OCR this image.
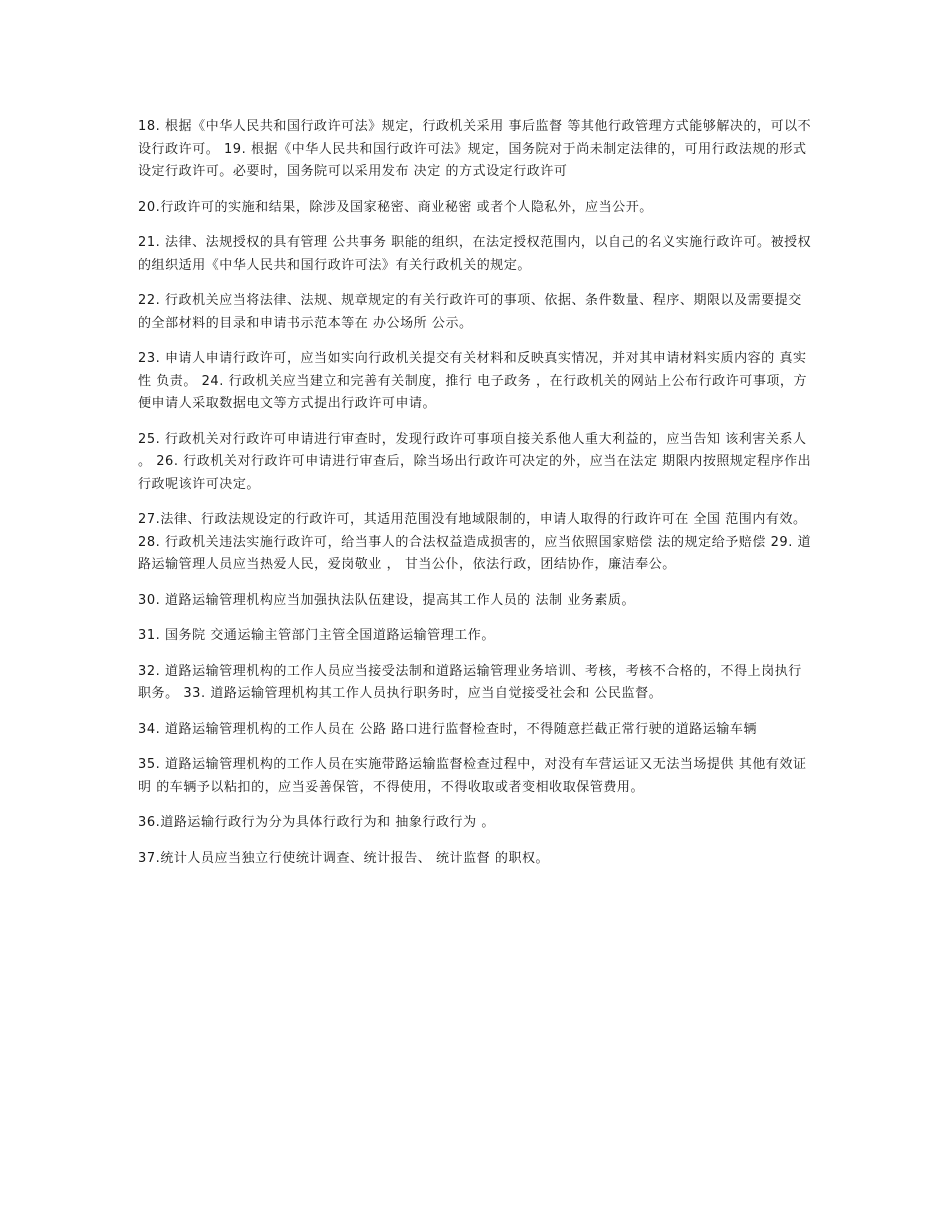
18. 根据《中华人民共和国行政许可法》规定，行政机关采用 事后监督 等其他行政管理方式能够解决的，可以不设行政许可。 19. 根据《中华人民共和国行政许可法》规定，国务院对于尚未制定法律的，可用行政法规的形式设定行政许可。必要时，国务院可以采用发布 决定 的方式设定行政许可

20.行政许可的实施和结果，除涉及国家秘密、商业秘密 或者个人隐私外，应当公开。

21. 法律、法规授权的具有管理 公共事务 职能的组织，在法定授权范围内，以自己的名义实施行政许可。被授权的组织适用《中华人民共和国行政许可法》有关行政机关的规定。

22. 行政机关应当将法律、法规、规章规定的有关行政许可的事项、依据、条件数量、程序、期限以及需要提交的全部材料的目录和申请书示范本等在 办公场所 公示。

23. 申请人申请行政许可，应当如实向行政机关提交有关材料和反映真实情况，并对其申请材料实质内容的 真实性 负责。 24. 行政机关应当建立和完善有关制度，推行 电子政务 ，在行政机关的网站上公布行政许可事项，方便申请人采取数据电文等方式提出行政许可申请。

25. 行政机关对行政许可申请进行审查时，发现行政许可事项自接关系他人重大利益的，应当告知 该利害关系人 。 26. 行政机关对行政许可申请进行审查后，除当场出行政许可决定的外，应当在法定 期限内按照规定程序作出行政呢该许可决定。

27.法律、行政法规设定的行政许可，其适用范围没有地域限制的，申请人取得的行政许可在 全国 范围内有效。 28. 行政机关违法实施行政许可，给当事人的合法权益造成损害的，应当依照国家赔偿 法的规定给予赔偿 29. 道路运输管理人员应当热爱人民，爱岗敬业 ， 甘当公仆，依法行政，团结协作，廉洁奉公。

30. 道路运输管理机构应当加强执法队伍建设，提高其工作人员的 法制 业务素质。

31. 国务院 交通运输主管部门主管全国道路运输管理工作。

32. 道路运输管理机构的工作人员应当接受法制和道路运输管理业务培训、考核，考核不合格的，不得上岗执行职务。 33. 道路运输管理机构其工作人员执行职务时，应当自觉接受社会和 公民监督。

34. 道路运输管理机构的工作人员在 公路 路口进行监督检查时，不得随意拦截正常行驶的道路运输车辆

35. 道路运输管理机构的工作人员在实施带路运输监督检查过程中，对没有车营运证又无法当场提供 其他有效证明 的车辆予以粘扣的，应当妥善保管，不得使用，不得收取或者变相收取保管费用。

36.道路运输行政行为分为具体行政行为和 抽象行政行为 。

37.统计人员应当独立行使统计调查、统计报告、 统计监督 的职权。
